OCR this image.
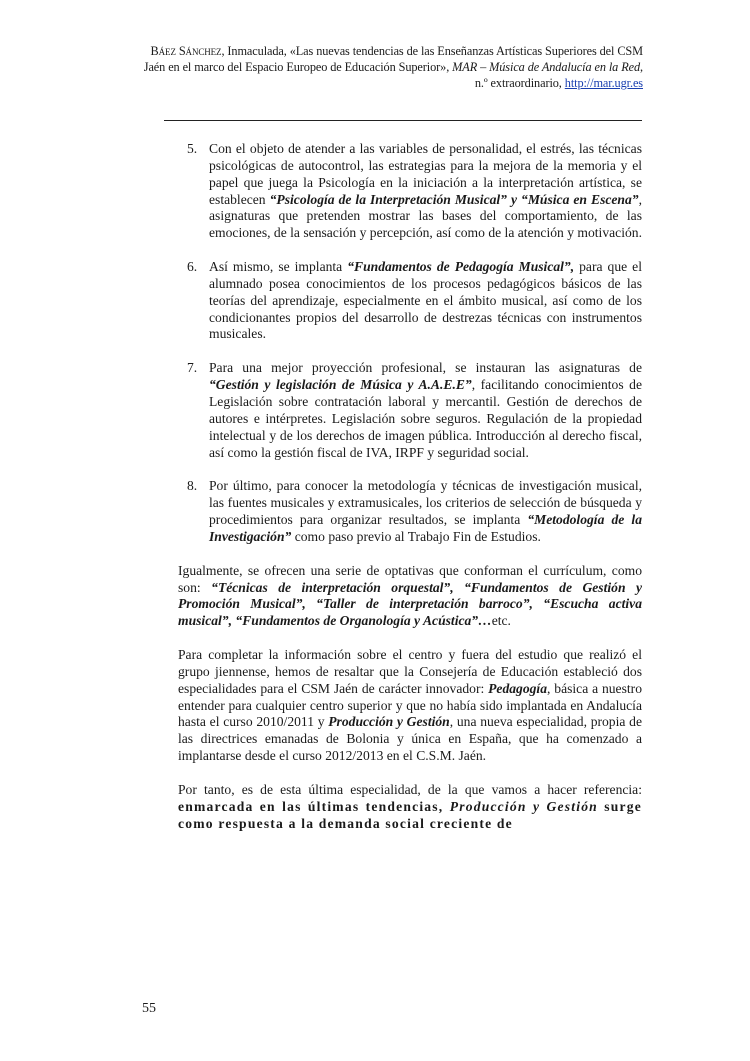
Báez Sánchez, Inmaculada, «Las nuevas tendencias de las Enseñanzas Artísticas Superiores del CSM Jaén en el marco del Espacio Europeo de Educación Superior», MAR – Música de Andalucía en la Red, n.º extraordinario, http://mar.ugr.es

5. Con el objeto de atender a las variables de personalidad, el estrés, las técnicas psicológicas de autocontrol, las estrategias para la mejora de la memoria y el papel que juega la Psicología en la iniciación a la interpretación artística, se establecen “Psicología de la Interpretación Musical” y “Música en Escena”, asignaturas que pretenden mostrar las bases del comportamiento, de las emociones, de la sensación y percepción, así como de la atención y motivación.

6. Así mismo, se implanta “Fundamentos de Pedagogía Musical”, para que el alumnado posea conocimientos de los procesos pedagógicos básicos de las teorías del aprendizaje, especialmente en el ámbito musical, así como de los condicionantes propios del desarrollo de destrezas técnicas con instrumentos musicales.

7. Para una mejor proyección profesional, se instauran las asignaturas de “Gestión y legislación de Música y A.A.E.E”, facilitando conocimientos de Legislación sobre contratación laboral y mercantil. Gestión de derechos de autores e intérpretes. Legislación sobre seguros. Regulación de la propiedad intelectual y de los derechos de imagen pública. Introducción al derecho fiscal, así como la gestión fiscal de IVA, IRPF y seguridad social.

8. Por último, para conocer la metodología y técnicas de investigación musical, las fuentes musicales y extramusicales, los criterios de selección de búsqueda y procedimientos para organizar resultados, se implanta “Metodología de la Investigación” como paso previo al Trabajo Fin de Estudios.

Igualmente, se ofrecen una serie de optativas que conforman el currículum, como son: “Técnicas de interpretación orquestal”, “Fundamentos de Gestión y Promoción Musical”, “Taller de interpretación barroco”, “Escucha activa musical”, “Fundamentos de Organología y Acústica”…etc.

Para completar la información sobre el centro y fuera del estudio que realizó el grupo jiennense, hemos de resaltar que la Consejería de Educación estableció dos especialidades para el CSM Jaén de carácter innovador: Pedagogía, básica a nuestro entender para cualquier centro superior y que no había sido implantada en Andalucía hasta el curso 2010/2011 y Producción y Gestión, una nueva especialidad, propia de las directrices emanadas de Bolonia y única en España, que ha comenzado a implantarse desde el curso 2012/2013 en el C.S.M. Jaén.

Por tanto, es de esta última especialidad, de la que vamos a hacer referencia: enmarcada en las últimas tendencias, Producción y Gestión surge como respuesta a la demanda social creciente de

55
